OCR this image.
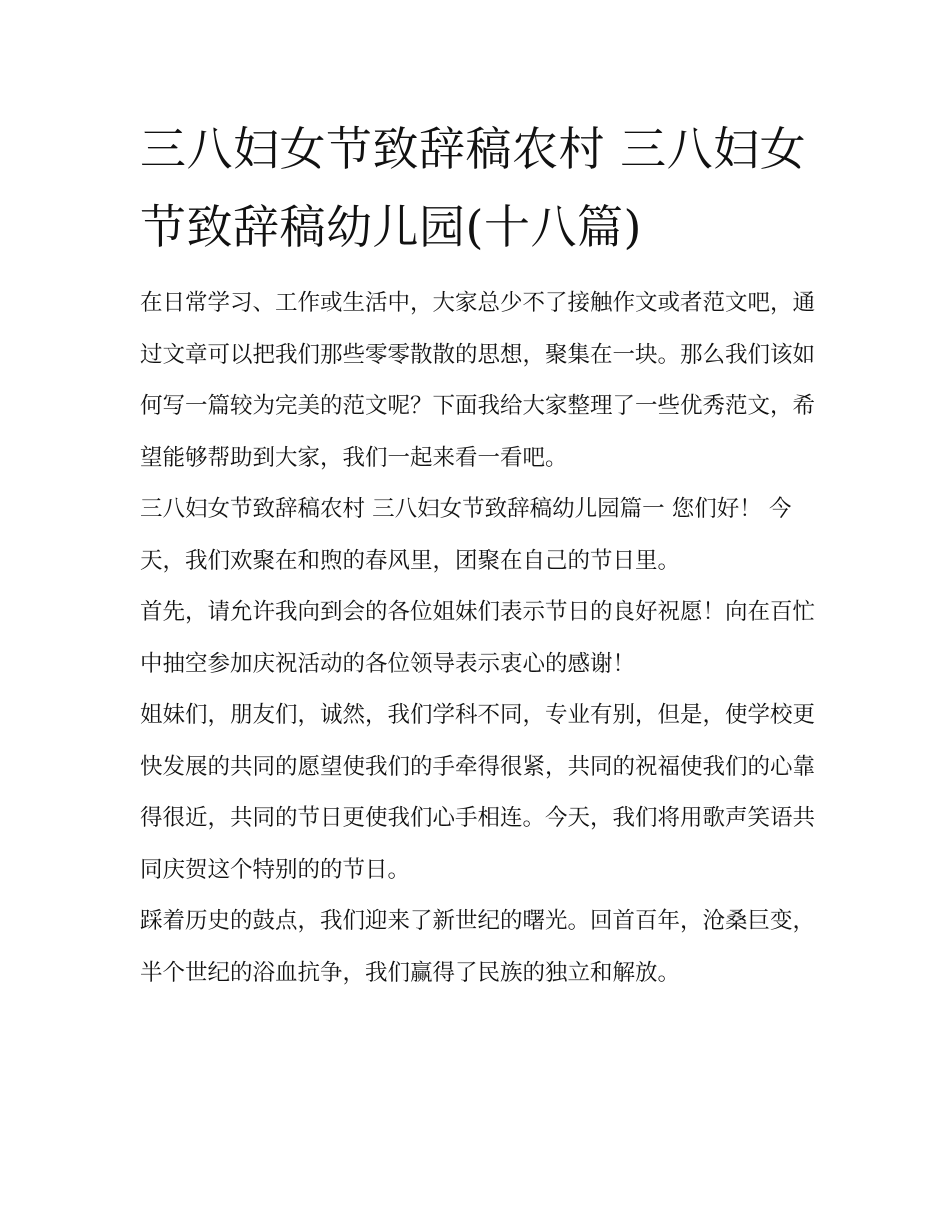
三八妇女节致辞稿农村 三八妇女节致辞稿幼儿园(十八篇)

在日常学习、工作或生活中，大家总少不了接触作文或者范文吧，通过文章可以把我们那些零零散散的思想，聚集在一块。那么我们该如何写一篇较为完美的范文呢？下面我给大家整理了一些优秀范文，希望能够帮助到大家，我们一起来看一看吧。

三八妇女节致辞稿农村 三八妇女节致辞稿幼儿园篇一 您们好！ 今天，我们欢聚在和煦的春风里，团聚在自己的节日里。

首先，请允许我向到会的各位姐妹们表示节日的良好祝愿！向在百忙中抽空参加庆祝活动的各位领导表示衷心的感谢！

姐妹们，朋友们，诚然，我们学科不同，专业有别，但是，使学校更快发展的共同的愿望使我们的手牵得很紧，共同的祝福使我们的心靠得很近，共同的节日更使我们心手相连。今天，我们将用歌声笑语共同庆贺这个特别的的节日。

踩着历史的鼓点，我们迎来了新世纪的曙光。回首百年，沧桑巨变，半个世纪的浴血抗争，我们赢得了民族的独立和解放。
